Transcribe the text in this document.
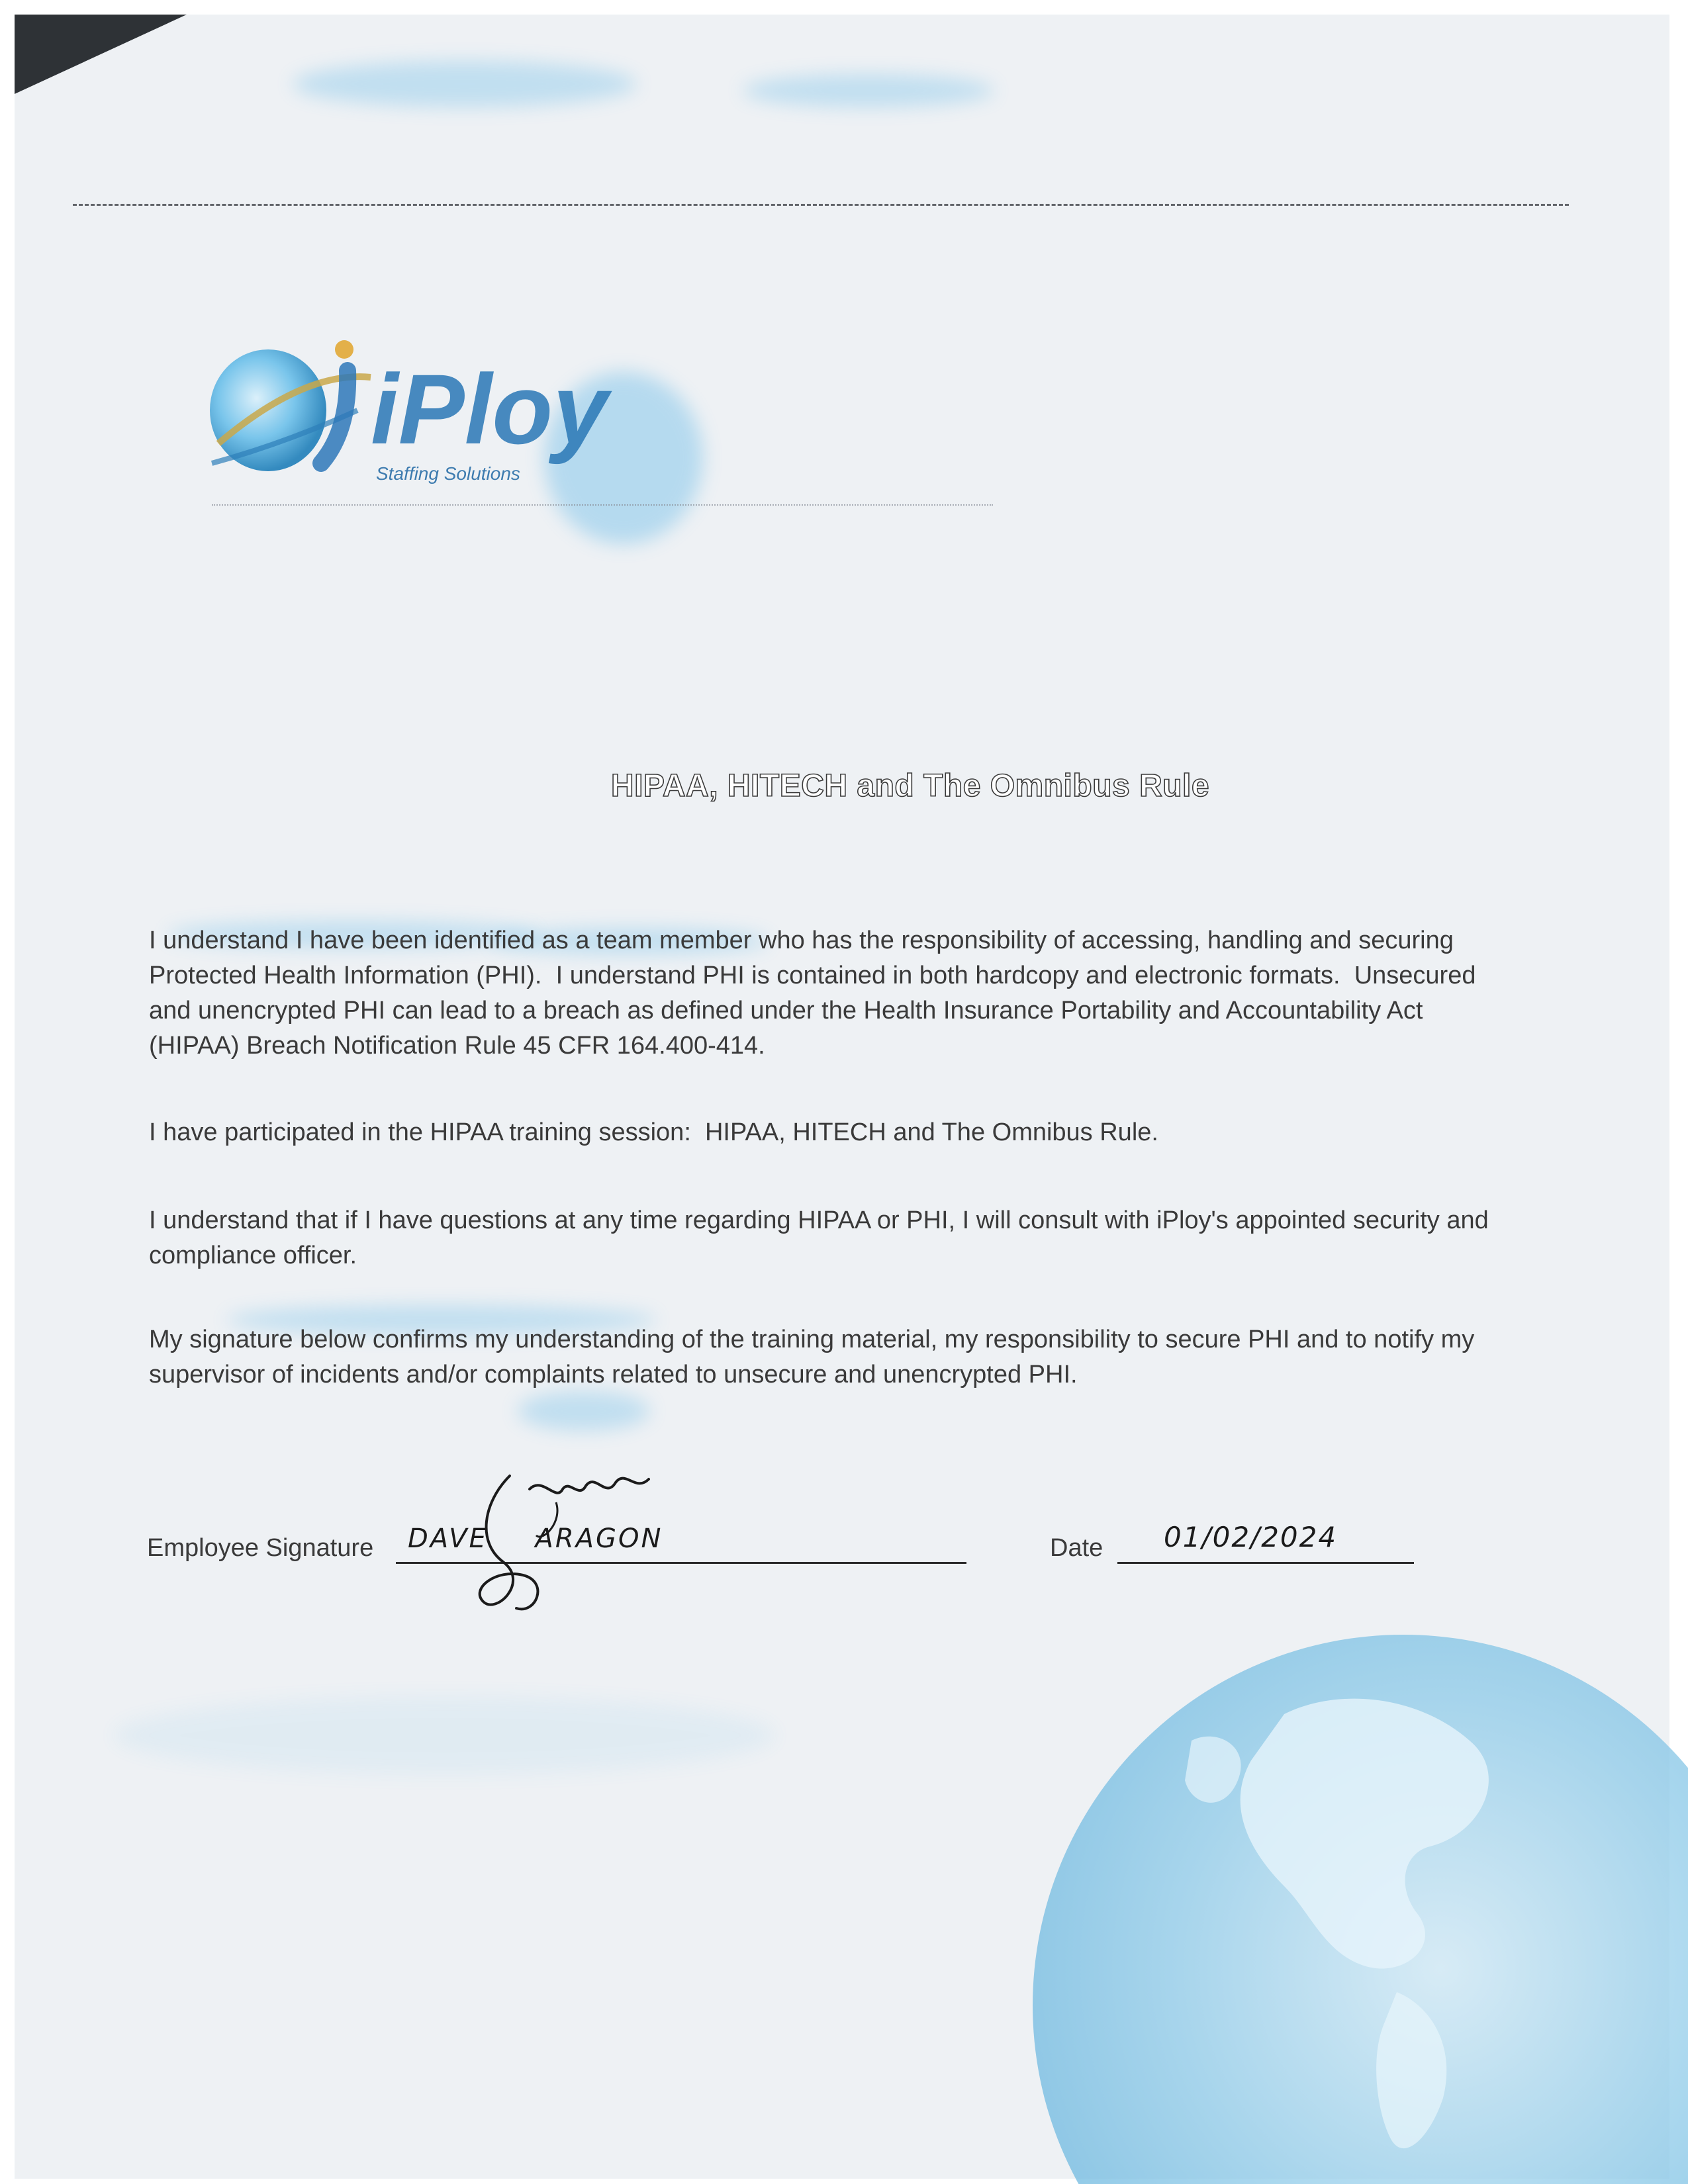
iPloy
Staffing Solutions
HIPAA, HITECH and The Omnibus Rule
I understand I have been identified as a team member who has the responsibility of accessing, handling and securing
Protected Health Information (PHI).  I understand PHI is contained in both hardcopy and electronic formats.  Unsecured
and unencrypted PHI can lead to a breach as defined under the Health Insurance Portability and Accountability Act
(HIPAA) Breach Notification Rule 45 CFR 164.400-414.
I have participated in the HIPAA training session:  HIPAA, HITECH and The Omnibus Rule.
I understand that if I have questions at any time regarding HIPAA or PHI, I will consult with iPloy's appointed security and
compliance officer.
My signature below confirms my understanding of the training material, my responsibility to secure PHI and to notify my
supervisor of incidents and/or complaints related to unsecure and unencrypted PHI.
Employee Signature DAVE ARAGON	Date 01/02/2024
